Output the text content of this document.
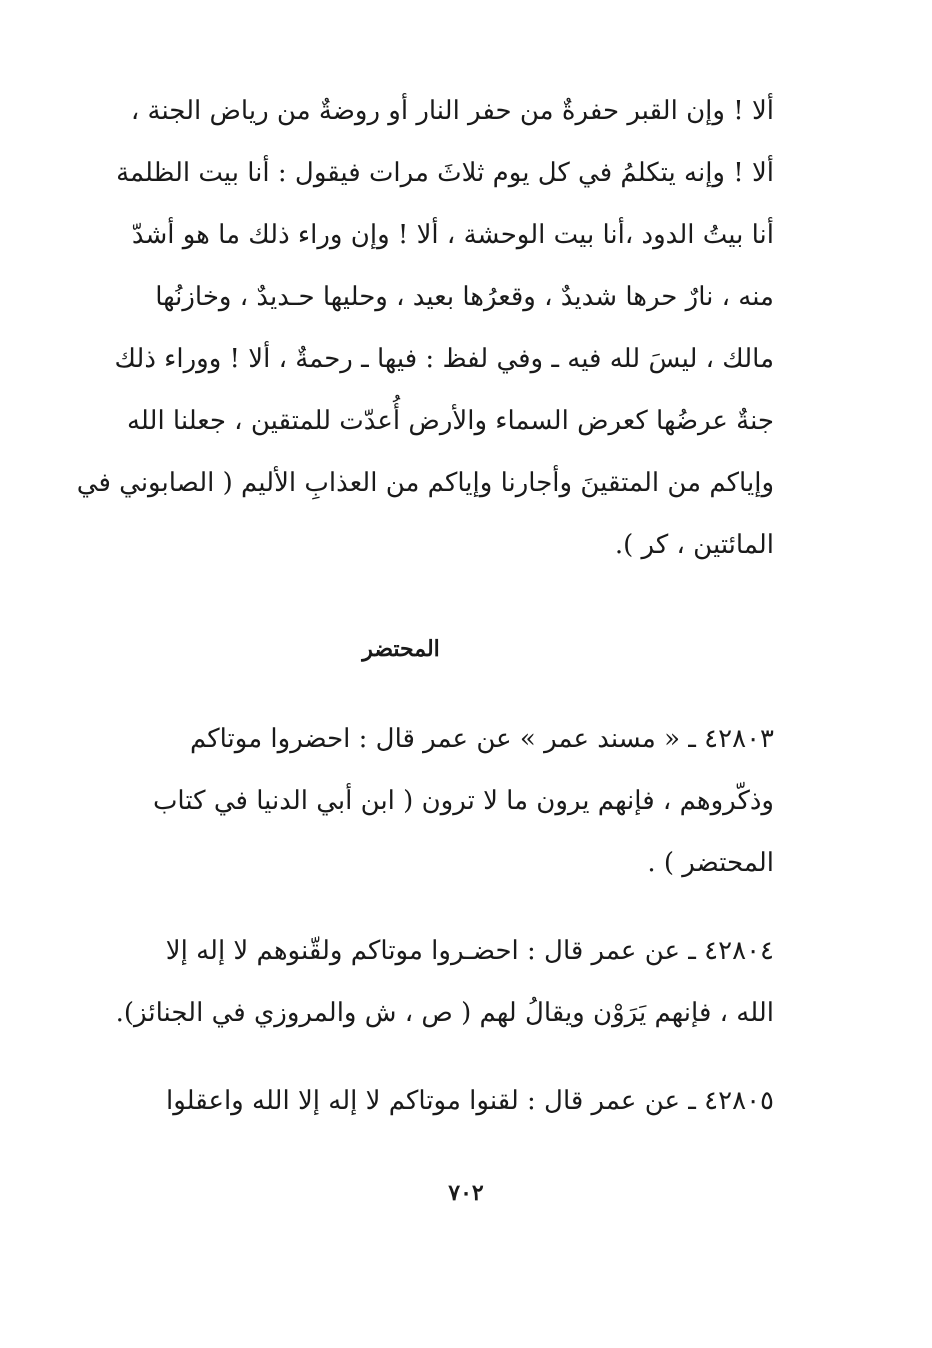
ألا ! وإن القبر حفرةٌ من حفر النار أو روضةٌ من رياض الجنة ،
ألا ! وإنه يتكلمُ في كل يوم ثلاثَ مرات فيقول : أنا بيت الظلمة
أنا بيتُ الدود ،أنا بيت الوحشة ، ألا ! وإن وراء ذلك ما هو أشدّ
منه ، نارٌ حرها شديدٌ ، وقعرُها بعيد ، وحليها حـديدٌ ، وخازنُها
مالك ، ليسَ لله فيه ـ وفي لفظ : فيها ـ رحمةٌ ، ألا ! ووراء ذلك
جنةٌ عرضُها كعرض السماء والأرض أُعدّت للمتقين ، جعلنا الله
وإياكم من المتقينَ وأجارنا وإياكم من العذابِ الأليم ( الصابوني في
المائتين ، كر ).

المحتضر

٤٢٨٠٣ ـ « مسند عمر » عن عمر قال : احضروا موتاكم
وذكّروهم ، فإنهم يرون ما لا ترون ( ابن أبي الدنيا في كتاب
المحتضر ) .

٤٢٨٠٤ ـ عن عمر قال : احضـروا موتاكم ولقّنوهم لا إله إلا
الله ، فإنهم يَرَوْن ويقالُ لهم ( ص ، ش والمروزي في الجنائز).

٤٢٨٠٥ ـ عن عمر قال : لقنوا موتاكم لا إله إلا الله واعقلوا

٧٠٢
